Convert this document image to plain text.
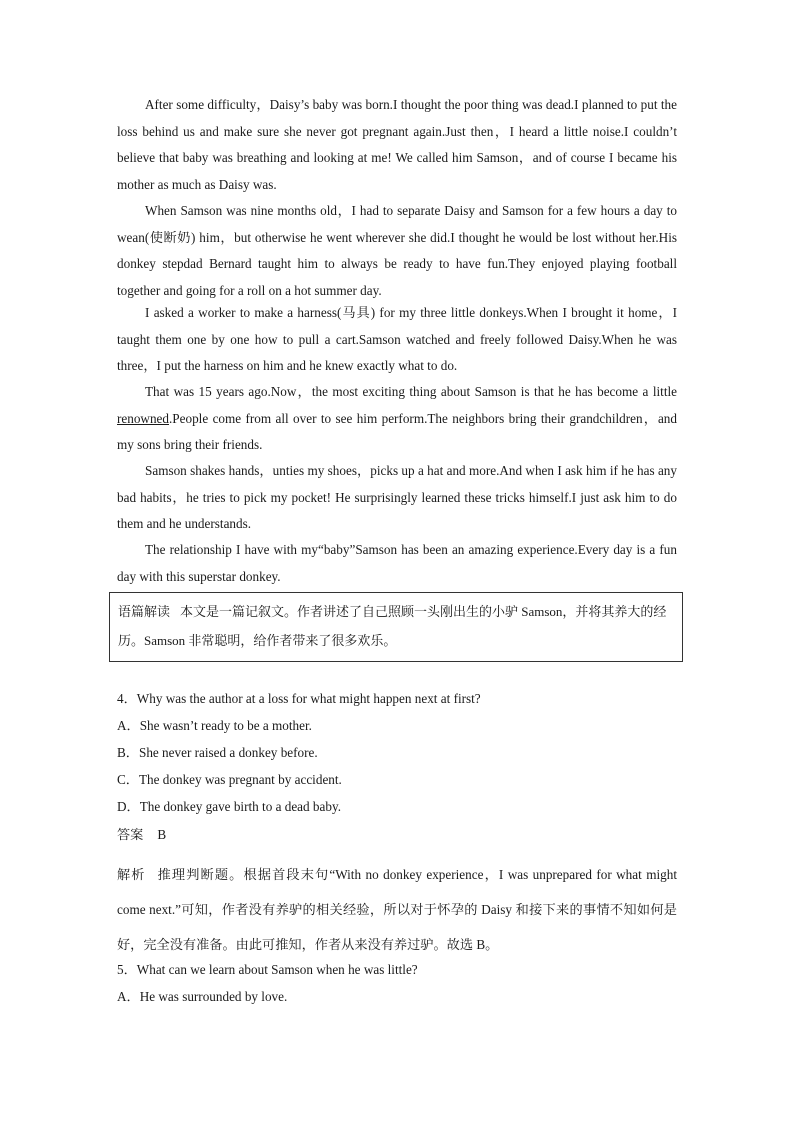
After some difficulty，Daisy’s baby was born.I thought the poor thing was dead.I planned to put the loss behind us and make sure she never got pregnant again.Just then，I heard a little noise.I couldn’t believe that baby was breathing and looking at me! We called him Samson，and of course I became his mother as much as Daisy was.

When Samson was nine months old，I had to separate Daisy and Samson for a few hours a day to wean(使断奶) him，but otherwise he went wherever she did.I thought he would be lost without her.His donkey stepdad Bernard taught him to always be ready to have fun.They enjoyed playing football together and going for a roll on a hot summer day.

I asked a worker to make a harness(马具) for my three little donkeys.When I brought it home，I taught them one by one how to pull a cart.Samson watched and freely followed Daisy.When he was three，I put the harness on him and he knew exactly what to do.

That was 15 years ago.Now，the most exciting thing about Samson is that he has become a little renowned.People come from all over to see him perform.The neighbors bring their grandchildren，and my sons bring their friends.

Samson shakes hands，unties my shoes，picks up a hat and more.And when I ask him if he has any bad habits，he tries to pick my pocket! He surprisingly learned these tricks himself.I just ask him to do them and he understands.

The relationship I have with my“baby”Samson has been an amazing experience.Every day is a fun day with this superstar donkey.

语篇解读 本文是一篇记叙文。作者讲述了自己照顾一头刚出生的小驴 Samson，并将其养大的经历。Samson 非常聪明，给作者带来了很多欢乐。

4．Why was the author at a loss for what might happen next at first?

A．She wasn’t ready to be a mother.

B．She never raised a donkey before.

C．The donkey was pregnant by accident.

D．The donkey gave birth to a dead baby.

答案 B

解析 推理判断题。根据首段末句“With no donkey experience，I was unprepared for what might come next.”可知，作者没有养驴的相关经验，所以对于怀孕的 Daisy 和接下来的事情不知如何是好，完全没有准备。由此可推知，作者从来没有养过驴。故选 B。

5．What can we learn about Samson when he was little?

A．He was surrounded by love.
